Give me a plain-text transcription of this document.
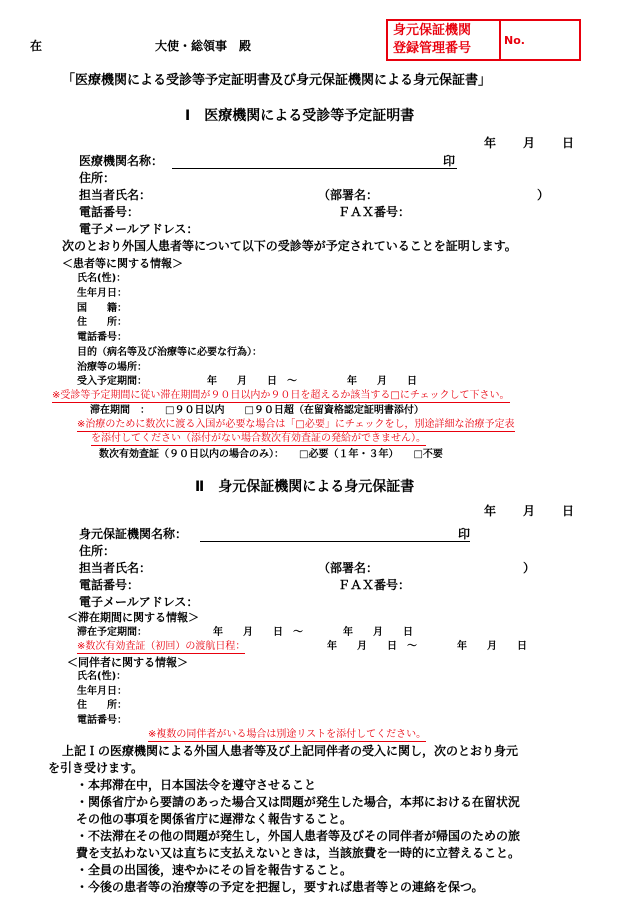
在	大使・総領事　殿
身元保証機関
登録管理番号
No.
「医療機関による受診等予定証明書及び身元保証機関による身元保証書」
Ⅰ　医療機関による受診等予定証明書
年 月 日
医療機関名称：	印
住所：
担当者氏名：	（部署名：	）
電話番号：	ＦＡＸ番号：
電子メールアドレス：
次のとおり外国人患者等について以下の受診等が予定されていることを証明します。
＜患者等に関する情報＞
氏名(性)：
生年月日：
国　　籍：
住　　所：
電話番号：
目的（病名等及び治療等に必要な行為）：
治療等の場所：
受入予定期間：	年　　月　　日　～　　　　　年　　月　　日
※受診等予定期間に従い滞在期間が９０日以内か９０日を超えるか該当する□にチェックして下さい。
滞在期間　：　　□９０日以内　　□９０日超（在留資格認定証明書添付）
※治療のために数次に渡る入国が必要な場合は「□必要」にチェックをし，別途詳細な治療予定表
を添付してください（添付がない場合数次有効査証の発給ができません）。
数次有効査証（９０日以内の場合のみ）：　　□必要（１年・３年）　　□不要
Ⅱ　身元保証機関による身元保証書
年 月 日
身元保証機関名称：	印
住所：
担当者氏名：	（部署名：	）
電話番号：	ＦＡＸ番号：
電子メールアドレス：
＜滞在期間に関する情報＞
滞在予定期間：	年　　月　　日　～　　　　年　　月　　日
※数次有効査証（初回）の渡航日程：	年　　月　　日　～　　　　年　　月　　日
＜同伴者に関する情報＞
氏名(性)：
生年月日：
住　　所：
電話番号：
※複数の同伴者がいる場合は別途リストを添付してください。
上記Ｉの医療機関による外国人患者等及び上記同伴者の受入に関し，次のとおり身元
を引き受けます。
・本邦滞在中，日本国法令を遵守させること
・関係省庁から要請のあった場合又は問題が発生した場合，本邦における在留状況
その他の事項を関係省庁に遅滞なく報告すること。
・不法滞在その他の問題が発生し，外国人患者等及びその同伴者が帰国のための旅
費を支払わない又は直ちに支払えないときは，当該旅費を一時的に立替えること。
・全員の出国後，速やかにその旨を報告すること。
・今後の患者等の治療等の予定を把握し，要すれば患者等との連絡を保つ。
